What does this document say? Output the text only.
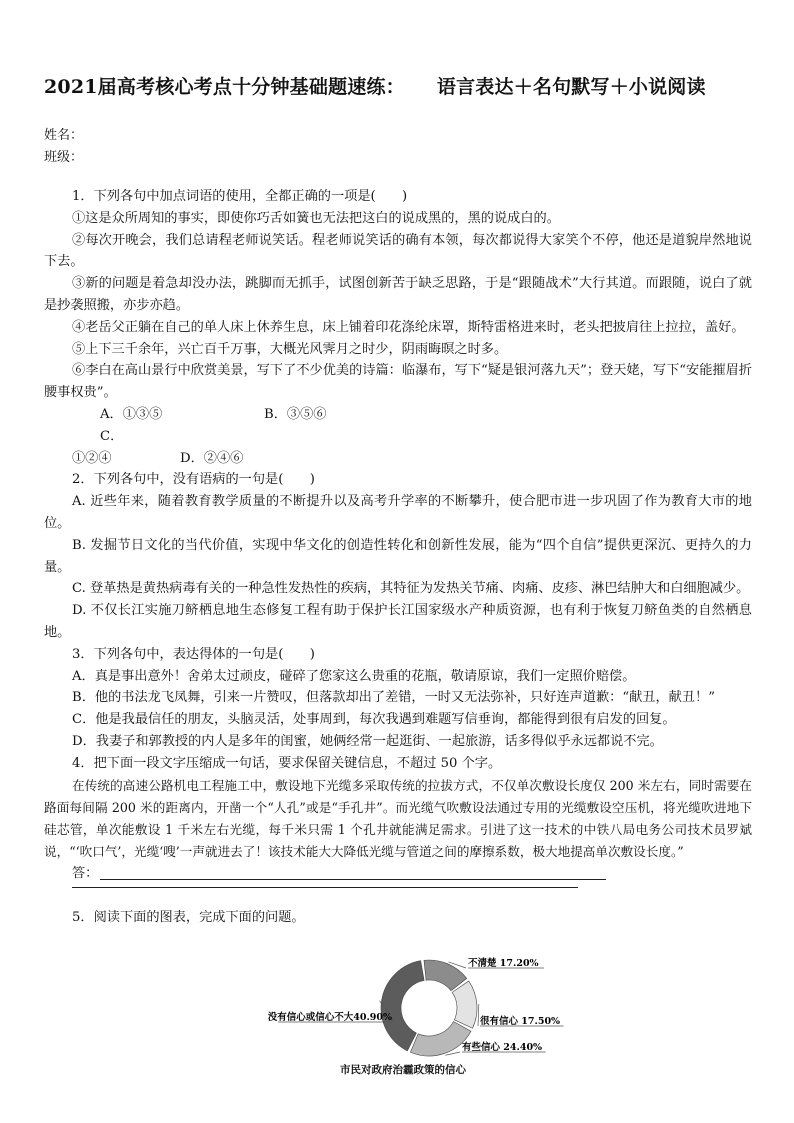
2021届高考核心考点十分钟基础题速练： 语言表达＋名句默写＋小说阅读
姓名：
班级：

1．下列各句中加点词语的使用，全都正确的一项是(　　)

①这是众所周知的事实，即使你巧舌如簧也无法把这白的说成黑的，黑的说成白的。

②每次开晚会，我们总请程老师说笑话。程老师说笑话的确有本领，每次都说得大家笑个不停，他还是道貌岸然地说下去。

③新的问题是着急却没办法，跳脚而无抓手，试图创新苦于缺乏思路，于是“跟随战术”大行其道。而跟随，说白了就是抄袭照搬，亦步亦趋。

④老岳父正躺在自己的单人床上休养生息，床上铺着印花涤纶床罩，斯特雷格进来时，老头把披肩往上拉拉，盖好。

⑤上下三千余年，兴亡百千万事，大概光风霁月之时少，阴雨晦暝之时多。

⑥李白在高山景行中欣赏美景，写下了不少优美的诗篇：临瀑布，写下“疑是银河落九天”；登天姥，写下“安能摧眉折腰事权贵”。

A．①③⑤	B．③⑤⑥
C．①②④	D．②④⑥

2．下列各句中，没有语病的一句是(　　)

A. 近些年来，随着教育教学质量的不断提升以及高考升学率的不断攀升，使合肥市进一步巩固了作为教育大市的地位。

B. 发掘节日文化的当代价值，实现中华文化的创造性转化和创新性发展，能为“四个自信”提供更深沉、更持久的力量。

C. 登革热是黄热病毒有关的一种急性发热性的疾病，其特征为发热关节痛、肉痛、皮疹、淋巴结肿大和白细胞减少。

D. 不仅长江实施刀鲚栖息地生态修复工程有助于保护长江国家级水产种质资源，也有利于恢复刀鲚鱼类的自然栖息地。

3．下列各句中，表达得体的一句是(　　)

A．真是事出意外！舍弟太过顽皮，碰碎了您家这么贵重的花瓶，敬请原谅，我们一定照价赔偿。

B．他的书法龙飞凤舞，引来一片赞叹，但落款却出了差错，一时又无法弥补，只好连声道歉：“献丑，献丑！”

C．他是我最信任的朋友，头脑灵活，处事周到，每次我遇到难题写信垂询，都能得到很有启发的回复。

D．我妻子和郭教授的内人是多年的闺蜜，她俩经常一起逛街、一起旅游，话多得似乎永远都说不完。

4．把下面一段文字压缩成一句话，要求保留关键信息，不超过 50 个字。

在传统的高速公路机电工程施工中，敷设地下光缆多采取传统的拉拔方式，不仅单次敷设长度仅 200 米左右，同时需要在路面每间隔 200 米的距离内，开凿一个“人孔”或是“手孔井”。而光缆气吹敷设法通过专用的光缆敷设空压机，将光缆吹进地下硅芯管，单次能敷设 1 千米左右光缆，每千米只需 1 个孔井就能满足需求。引进了这一技术的中铁八局电务公司技术员罗斌说，“‘吹口气’，光缆‘嗖’一声就进去了！该技术能大大降低光缆与管道之间的摩擦系数，极大地提高单次敷设长度。”

答：

5．阅读下面的图表，完成下面的问题。

不清楚 17.20%
很有信心 17.50%
有些信心 24.40%
没有信心或信心不大40.90%
市民对政府治霾政策的信心
